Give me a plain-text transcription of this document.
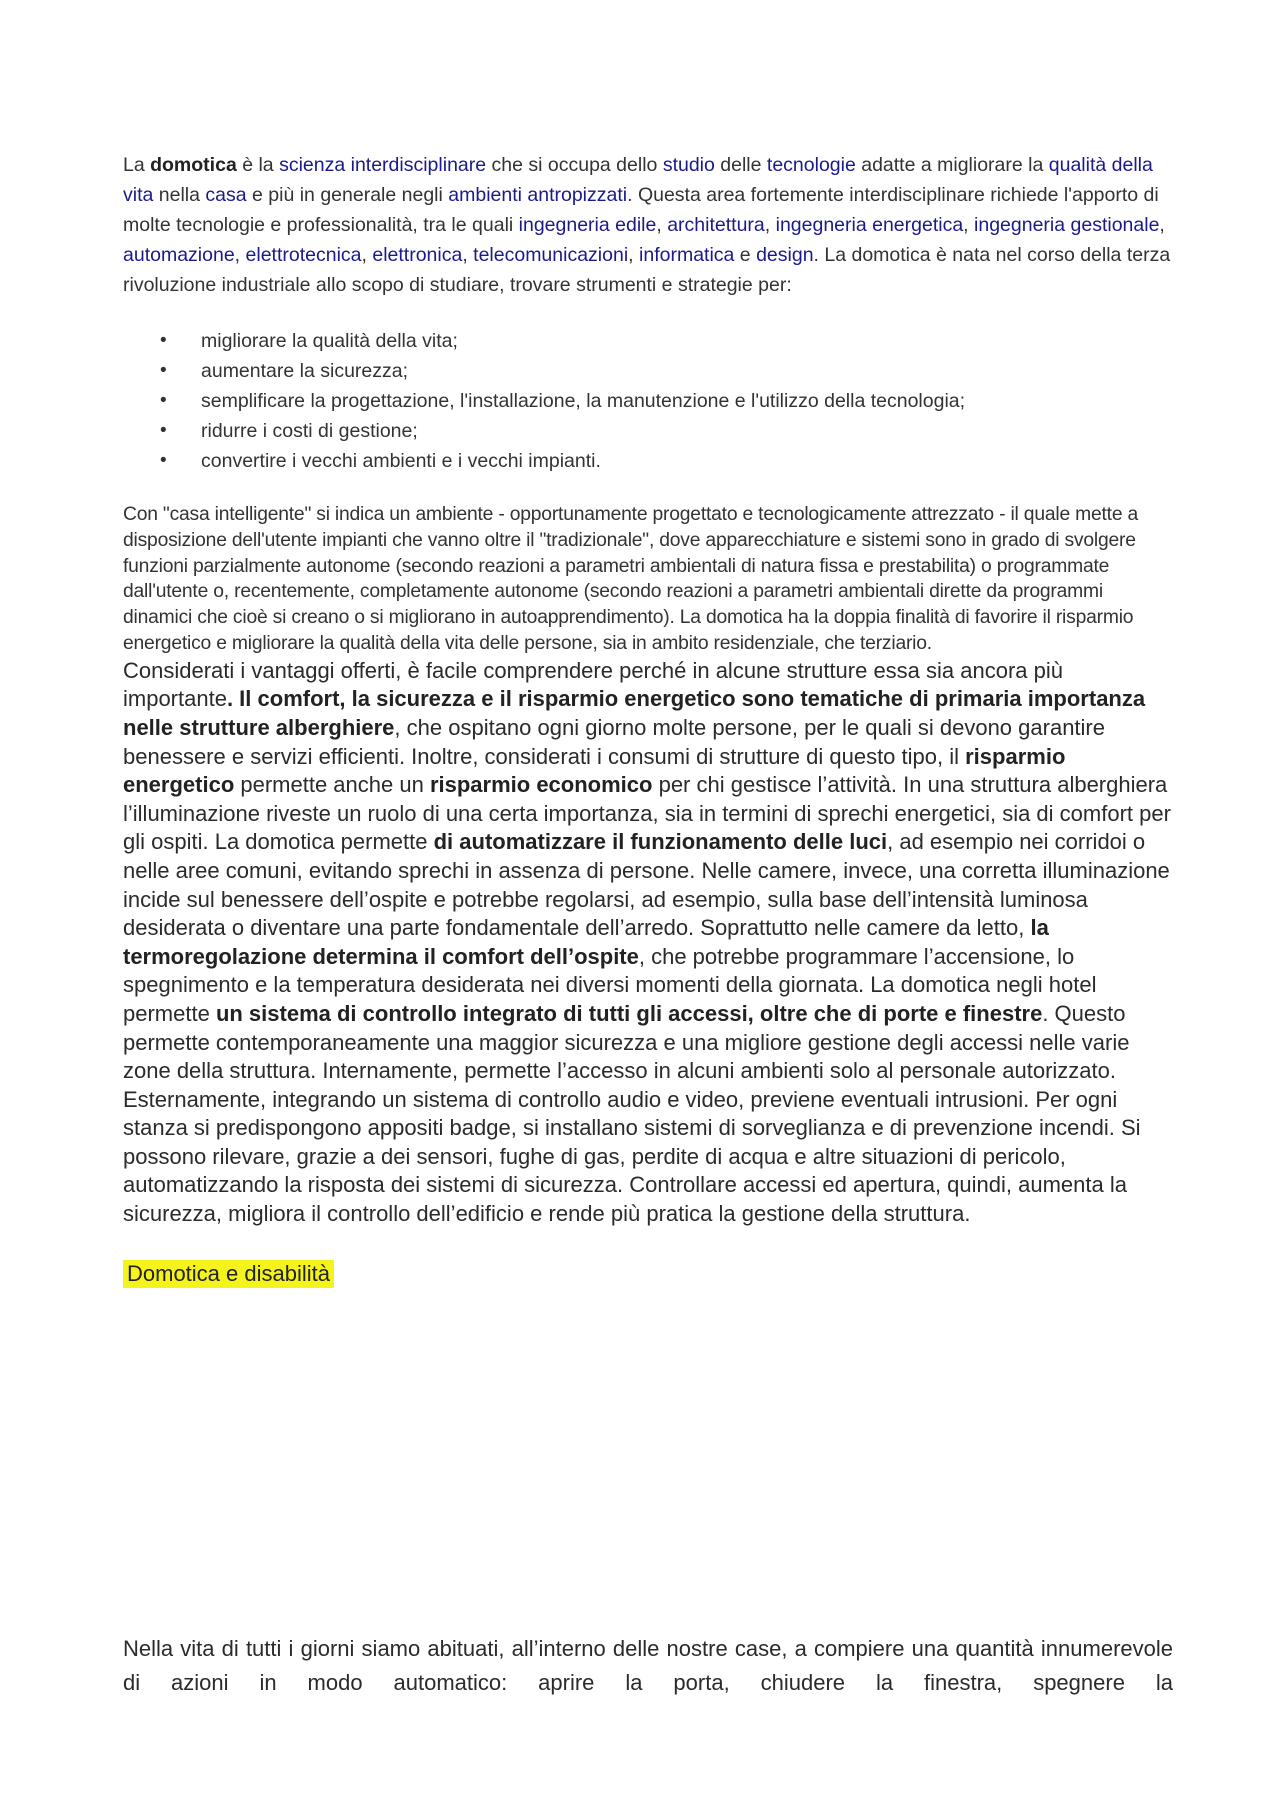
La domotica è la scienza interdisciplinare che si occupa dello studio delle tecnologie adatte a migliorare la qualità della vita nella casa e più in generale negli ambienti antropizzati. Questa area fortemente interdisciplinare richiede l'apporto di molte tecnologie e professionalità, tra le quali ingegneria edile, architettura, ingegneria energetica, ingegneria gestionale, automazione, elettrotecnica, elettronica, telecomunicazioni, informatica e design. La domotica è nata nel corso della terza rivoluzione industriale allo scopo di studiare, trovare strumenti e strategie per:

• migliorare la qualità della vita;
• aumentare la sicurezza;
• semplificare la progettazione, l'installazione, la manutenzione e l'utilizzo della tecnologia;
• ridurre i costi di gestione;
• convertire i vecchi ambienti e i vecchi impianti.

Con "casa intelligente" si indica un ambiente - opportunamente progettato e tecnologicamente attrezzato - il quale mette a disposizione dell'utente impianti che vanno oltre il "tradizionale", dove apparecchiature e sistemi sono in grado di svolgere funzioni parzialmente autonome (secondo reazioni a parametri ambientali di natura fissa e prestabilita) o programmate dall'utente o, recentemente, completamente autonome (secondo reazioni a parametri ambientali dirette da programmi dinamici che cioè si creano o si migliorano in autoapprendimento). La domotica ha la doppia finalità di favorire il risparmio energetico e migliorare la qualità della vita delle persone, sia in ambito residenziale, che terziario.

Considerati i vantaggi offerti, è facile comprendere perché in alcune strutture essa sia ancora più importante. Il comfort, la sicurezza e il risparmio energetico sono tematiche di primaria importanza nelle strutture alberghiere, che ospitano ogni giorno molte persone, per le quali si devono garantire benessere e servizi efficienti. Inoltre, considerati i consumi di strutture di questo tipo, il risparmio energetico permette anche un risparmio economico per chi gestisce l’attività. In una struttura alberghiera l’illuminazione riveste un ruolo di una certa importanza, sia in termini di sprechi energetici, sia di comfort per gli ospiti. La domotica permette di automatizzare il funzionamento delle luci, ad esempio nei corridoi o nelle aree comuni, evitando sprechi in assenza di persone. Nelle camere, invece, una corretta illuminazione incide sul benessere dell’ospite e potrebbe regolarsi, ad esempio, sulla base dell’intensità luminosa desiderata o diventare una parte fondamentale dell’arredo. Soprattutto nelle camere da letto, la termoregolazione determina il comfort dell’ospite, che potrebbe programmare l’accensione, lo spegnimento e la temperatura desiderata nei diversi momenti della giornata. La domotica negli hotel permette un sistema di controllo integrato di tutti gli accessi, oltre che di porte e finestre. Questo permette contemporaneamente una maggior sicurezza e una migliore gestione degli accessi nelle varie zone della struttura. Internamente, permette l’accesso in alcuni ambienti solo al personale autorizzato. Esternamente, integrando un sistema di controllo audio e video, previene eventuali intrusioni. Per ogni stanza si predispongono appositi badge, si installano sistemi di sorveglianza e di prevenzione incendi. Si possono rilevare, grazie a dei sensori, fughe di gas, perdite di acqua e altre situazioni di pericolo, automatizzando la risposta dei sistemi di sicurezza. Controllare accessi ed apertura, quindi, aumenta la sicurezza, migliora il controllo dell’edificio e rende più pratica la gestione della struttura.

Domotica e disabilità

Nella vita di tutti i giorni siamo abituati, all’interno delle nostre case, a compiere una quantità innumerevole di azioni in modo automatico: aprire la porta, chiudere la finestra, spegnere la
